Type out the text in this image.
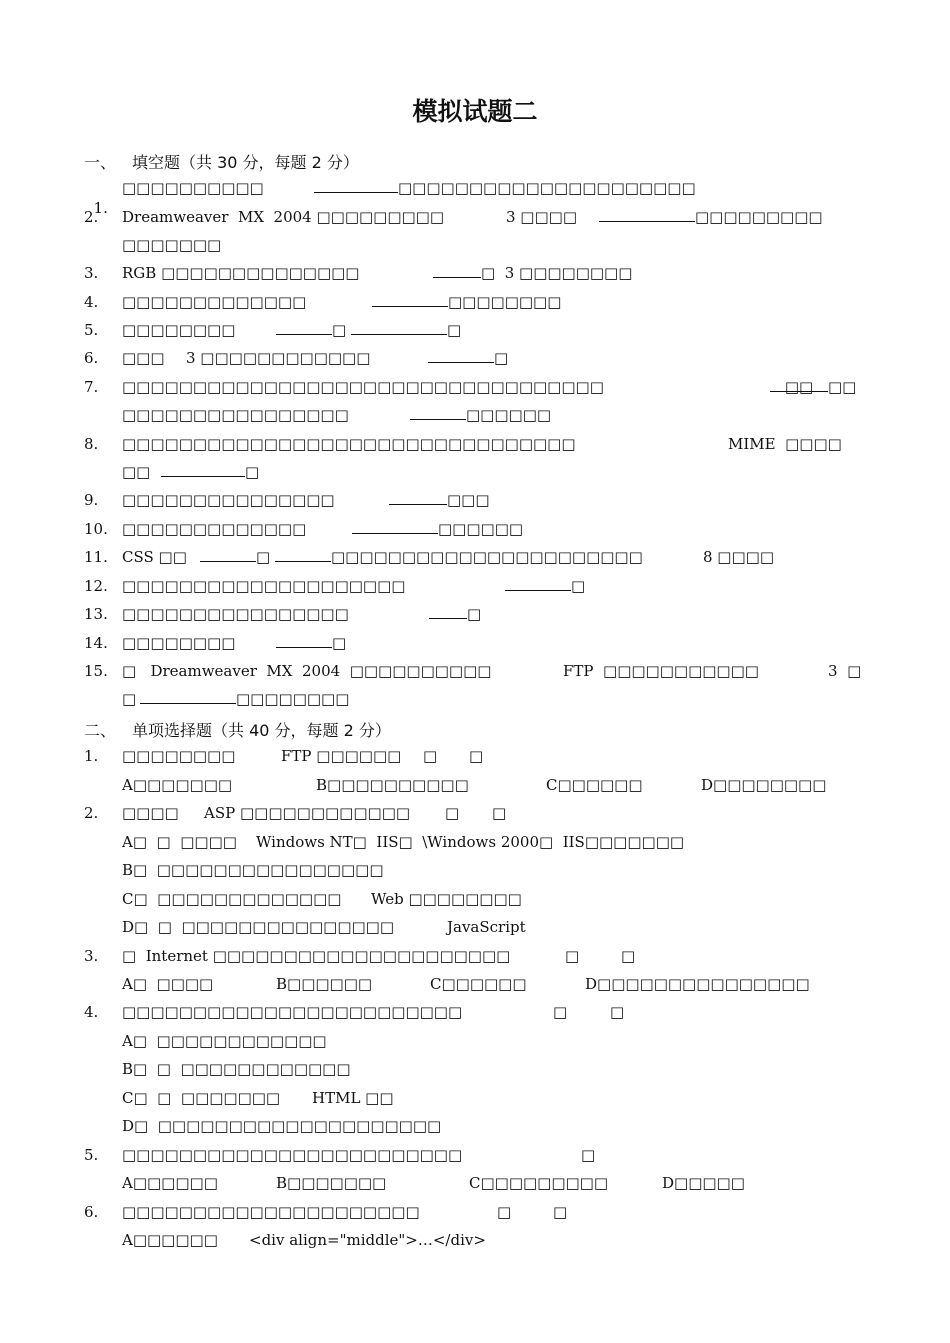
模拟试题二
一、 填空题（共 30 分，每题 2 分）

1.

□□□□□□□□□□	□□□□□□□□□□□□□□□□□□□□□
2. Dreamweaver  MX  2004 □□□□□□□□□	3 □□□□	□□□□□□□□□
□□□□□□□
3. RGB □□□□□□□□□□□□□□	□  3 □□□□□□□□
4. □□□□□□□□□□□□□	□□□□□□□□
5. □□□□□□□□	□	□
6. □□□ 3 □□□□□□□□□□□□	□
7. □□□□□□□□□□□□□□□□□□□□□□□□□□□□□□□□□□	□□ □□
□□□□□□□□□□□□□□□□	□□□□□□
8. □□□□□□□□□□□□□□□□□□□□□□□□□□□□□□□□	MIME  □□□□
□□	□
9. □□□□□□□□□□□□□□□	□□□
10. □□□□□□□□□□□□□	□□□□□□
11. CSS □□	□	□□□□□□□□□□□□□□□□□□□□□□	8 □□□□
12. □□□□□□□□□□□□□□□□□□□□	□
13. □□□□□□□□□□□□□□□□	□
14. □□□□□□□□	□
15. □   Dreamweaver  MX  2004  □□□□□□□□□□	FTP  □□□□□□□□□□□	3  □
□	□□□□□□□□
二、 单项选择题（共 40 分，每题 2 分）
1. □□□□□□□□	FTP □□□□□□ □ □
A□□□□□□□	B□□□□□□□□□□	C□□□□□□	D□□□□□□□□
2. □□□□ ASP □□□□□□□□□□□□ □ □
A□  □  □□□□ Windows NT□  IIS□  \Windows 2000□  IIS□□□□□□□
B□  □□□□□□□□□□□□□□□□
C□  □□□□□□□□□□□□□ Web □□□□□□□□
D□  □  □□□□□□□□□□□□□□□	JavaScript
3. □  Internet □□□□□□□□□□□□□□□□□□□□□	□	□
A□  □□□□	B□□□□□□	C□□□□□□	D□□□□□□□□□□□□□□□
4. □□□□□□□□□□□□□□□□□□□□□□□□	□	□
A□  □□□□□□□□□□□□
B□  □  □□□□□□□□□□□□
C□  □  □□□□□□□ HTML □□
D□  □□□□□□□□□□□□□□□□□□□□
5. □□□□□□□□□□□□□□□□□□□□□□□□	□
A□□□□□□	B□□□□□□□	C□□□□□□□□□	D□□□□□
6. □□□□□□□□□□□□□□□□□□□□□	□	□
A□□□□□□ <div align="middle">…</div>
